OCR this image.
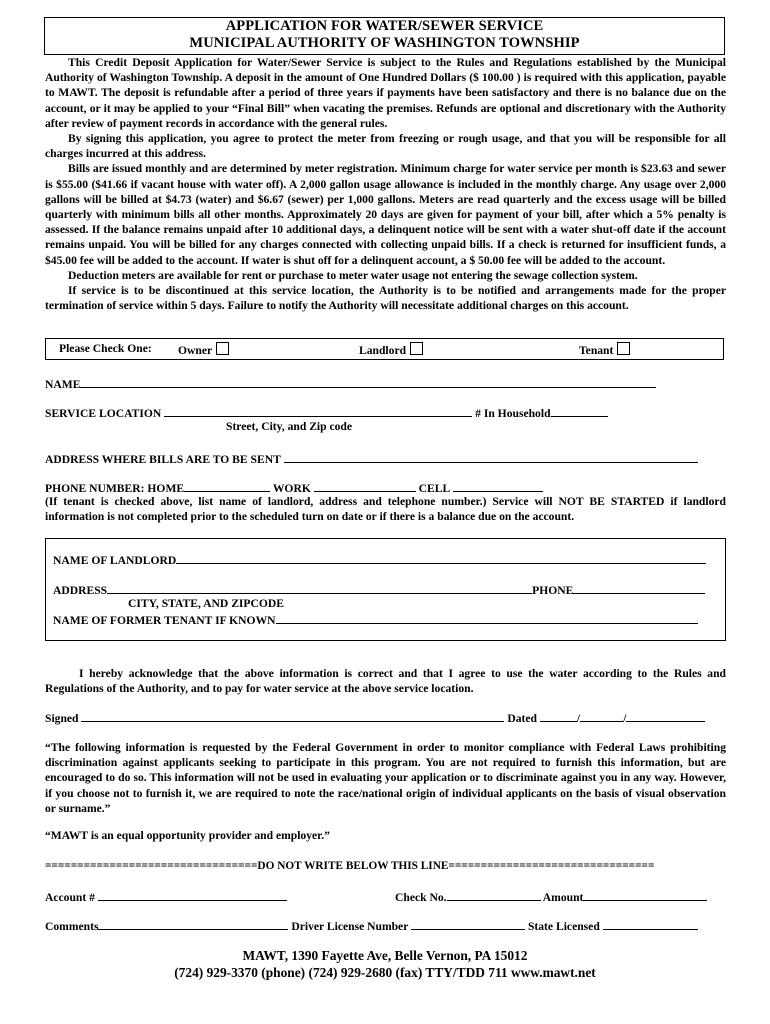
APPLICATION FOR WATER/SEWER SERVICE
MUNICIPAL AUTHORITY OF WASHINGTON TOWNSHIP

This Credit Deposit Application for Water/Sewer Service is subject to the Rules and Regulations established by the Municipal Authority of Washington Township. A deposit in the amount of One Hundred Dollars ($ 100.00 ) is required with this application, payable to MAWT. The deposit is refundable after a period of three years if payments have been satisfactory and there is no balance due on the account, or it may be applied to your “Final Bill” when vacating the premises. Refunds are optional and discretionary with the Authority after review of payment records in accordance with the general rules.

By signing this application, you agree to protect the meter from freezing or rough usage, and that you will be responsible for all charges incurred at this address.

Bills are issued monthly and are determined by meter registration. Minimum charge for water service per month is $23.63 and sewer is $55.00 ($41.66 if vacant house with water off). A 2,000 gallon usage allowance is included in the monthly charge. Any usage over 2,000 gallons will be billed at $4.73 (water) and $6.67 (sewer) per 1,000 gallons. Meters are read quarterly and the excess usage will be billed quarterly with minimum bills all other months. Approximately 20 days are given for payment of your bill, after which a 5% penalty is assessed. If the balance remains unpaid after 10 additional days, a delinquent notice will be sent with a water shut-off date if the account remains unpaid. You will be billed for any charges connected with collecting unpaid bills. If a check is returned for insufficient funds, a $45.00 fee will be added to the account. If water is shut off for a delinquent account, a $ 50.00 fee will be added to the account.

Deduction meters are available for rent or purchase to meter water usage not entering the sewage collection system.

If service is to be discontinued at this service location, the Authority is to be notified and arrangements made for the proper termination of service within 5 days. Failure to notify the Authority will necessitate additional charges on this account.

Please Check One: Owner	Landlord	Tenant
NAME
SERVICE LOCATION	# In Household
Street, City, and Zip code
ADDRESS WHERE BILLS ARE TO BE SENT
PHONE NUMBER: HOME	WORK	CELL
(If tenant is checked above, list name of landlord, address and telephone number.) Service will NOT BE STARTED if landlord information is not completed prior to the scheduled turn on date or if there is a balance due on the account.
NAME OF LANDLORD
ADDRESS	PHONE
CITY, STATE, AND ZIPCODE
NAME OF FORMER TENANT IF KNOWN
I hereby acknowledge that the above information is correct and that I agree to use the water according to the Rules and Regulations of the Authority, and to pay for water service at the above service location.
Signed	Dated	/	/
“The following information is requested by the Federal Government in order to monitor compliance with Federal Laws prohibiting discrimination against applicants seeking to participate in this program. You are not required to furnish this information, but are encouraged to do so. This information will not be used in evaluating your application or to discriminate against you in any way. However, if you choose not to furnish it, we are required to note the race/national origin of individual applicants on the basis of visual observation or surname.”
“MAWT is an equal opportunity provider and employer.”
=================================DO NOT WRITE BELOW THIS LINE================================
Account #	Check No.	Amount
Comments	Driver License Number	State Licensed
MAWT, 1390 Fayette Ave, Belle Vernon, PA 15012
(724) 929-3370 (phone) (724) 929-2680 (fax) TTY/TDD 711 www.mawt.net
